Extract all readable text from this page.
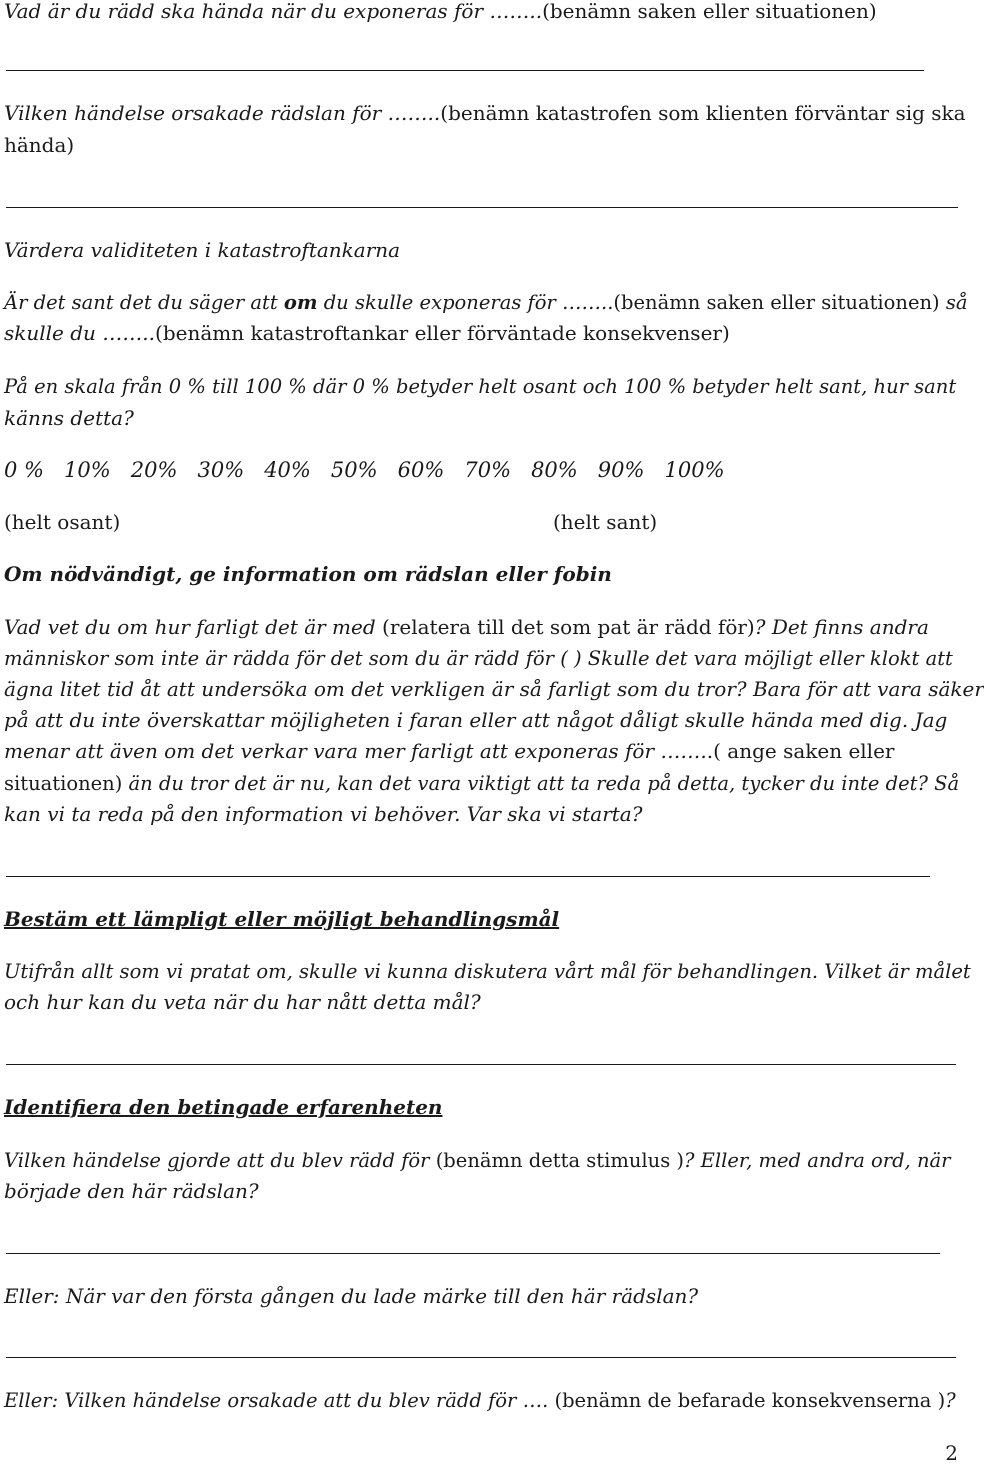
Vad är du rädd ska hända när du exponeras för ……..(benämn saken eller situationen)

Vilken händelse orsakade rädslan för ……..(benämn katastrofen som klienten förväntar sig ska

hända)

Värdera validiteten i katastroftankarna

Är det sant det du säger att om du skulle exponeras för ……..(benämn saken eller situationen) så

skulle du ……..(benämn katastroftankar eller förväntade konsekvenser)

På en skala från 0 % till 100 % där 0 % betyder helt osant och 100 % betyder helt sant, hur sant

känns detta?

0 % 10% 20% 30% 40% 50% 60% 70% 80% 90% 100%

(helt osant)	(helt sant)

Om nödvändigt, ge information om rädslan eller fobin

Vad vet du om hur farligt det är med (relatera till det som pat är rädd för)? Det finns andra

människor som inte är rädda för det som du är rädd för ( ) Skulle det vara möjligt eller klokt att

ägna litet tid åt att undersöka om det verkligen är så farligt som du tror? Bara för att vara säker

på att du inte överskattar möjligheten i faran eller att något dåligt skulle hända med dig. Jag

menar att även om det verkar vara mer farligt att exponeras för ……..( ange saken eller

situationen) än du tror det är nu, kan det vara viktigt att ta reda på detta, tycker du inte det? Så

kan vi ta reda på den information vi behöver. Var ska vi starta?

Bestäm ett lämpligt eller möjligt behandlingsmål

Utifrån allt som vi pratat om, skulle vi kunna diskutera vårt mål för behandlingen. Vilket är målet

och hur kan du veta när du har nått detta mål?

Identifiera den betingade erfarenheten

Vilken händelse gjorde att du blev rädd för (benämn detta stimulus )? Eller, med andra ord, när

började den här rädslan?

Eller: När var den första gången du lade märke till den här rädslan?

Eller: Vilken händelse orsakade att du blev rädd för …. (benämn de befarade konsekvenserna )?

2
